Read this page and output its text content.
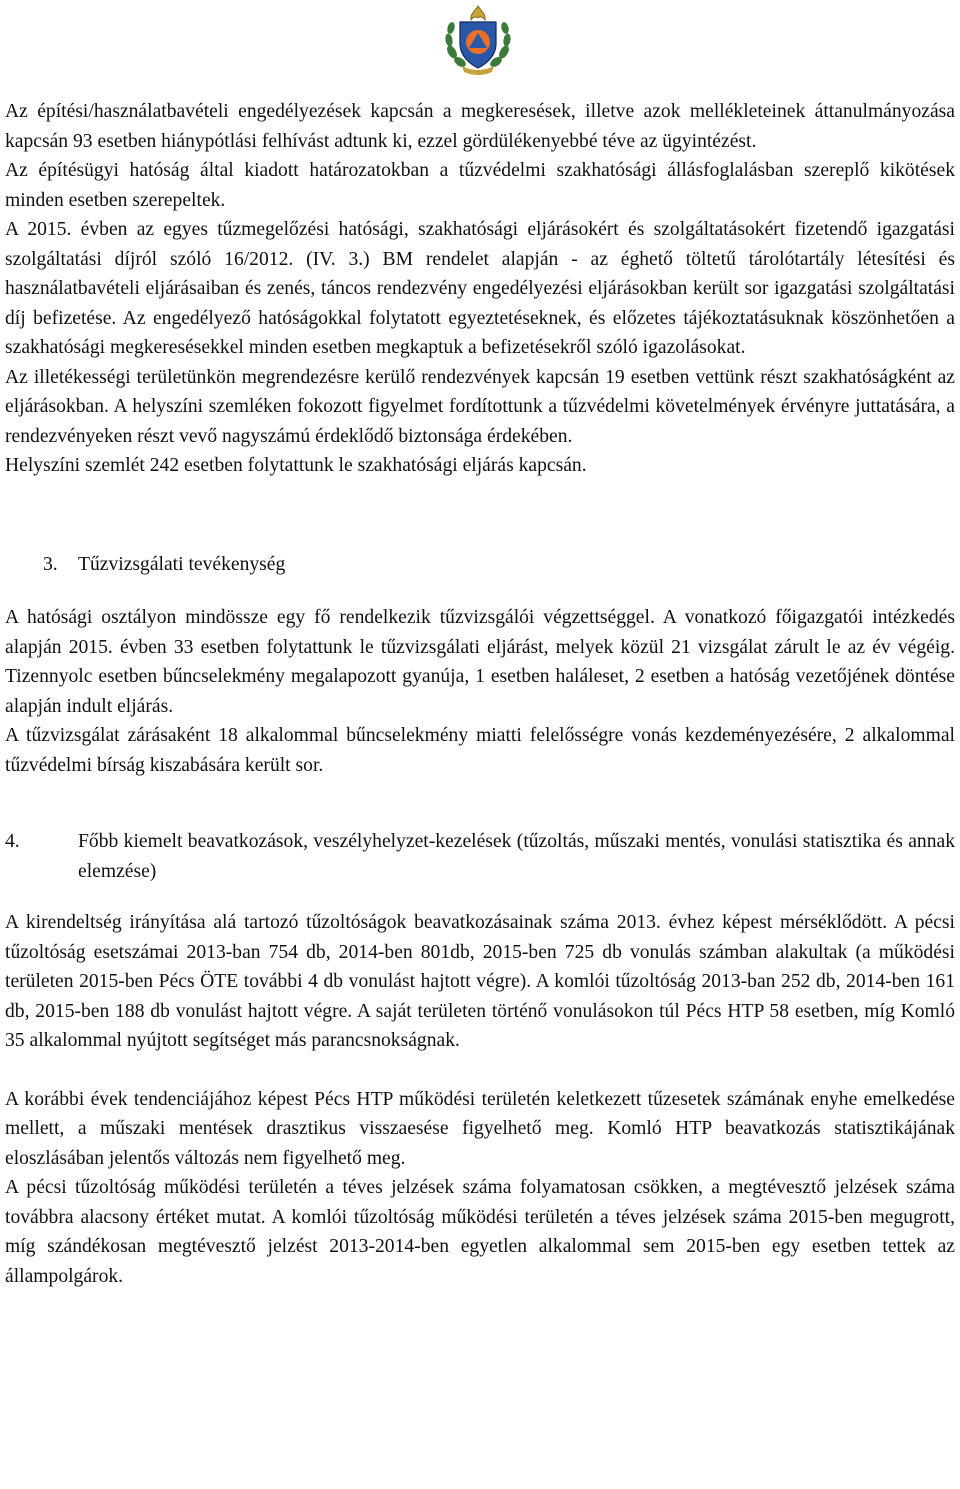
Az építési/használatbavételi engedélyezések kapcsán a megkeresések, illetve azok mellékleteinek áttanulmányozása kapcsán 93 esetben hiánypótlási felhívást adtunk ki, ezzel gördülékenyebbé téve az ügyintézést.

Az építésügyi hatóság által kiadott határozatokban a tűzvédelmi szakhatósági állásfoglalásban szereplő kikötések minden esetben szerepeltek.

A 2015. évben az egyes tűzmegelőzési hatósági, szakhatósági eljárásokért és szolgáltatásokért fizetendő igazgatási szolgáltatási díjról szóló 16/2012. (IV. 3.) BM rendelet alapján - az éghető töltetű tárolótartály létesítési és használatbavételi eljárásaiban és zenés, táncos rendezvény engedélyezési eljárásokban került sor igazgatási szolgáltatási díj befizetése. Az engedélyező hatóságokkal folytatott egyeztetéseknek, és előzetes tájékoztatásuknak köszönhetően a szakhatósági megkeresésekkel minden esetben megkaptuk a befizetésekről szóló igazolásokat.

Az illetékességi területünkön megrendezésre kerülő rendezvények kapcsán 19 esetben vettünk részt szakhatóságként az eljárásokban. A helyszíni szemléken fokozott figyelmet fordítottunk a tűzvédelmi követelmények érvényre juttatására, a rendezvényeken részt vevő nagyszámú érdeklődő biztonsága érdekében.

Helyszíni szemlét 242 esetben folytattunk le szakhatósági eljárás kapcsán.

3.	Tűzvizsgálati tevékenység

A hatósági osztályon mindössze egy fő rendelkezik tűzvizsgálói végzettséggel. A vonatkozó főigazgatói intézkedés alapján 2015. évben 33 esetben folytattunk le tűzvizsgálati eljárást, melyek közül 21 vizsgálat zárult le az év végéig. Tizennyolc esetben bűncselekmény megalapozott gyanúja, 1 esetben haláleset, 2 esetben a hatóság vezetőjének döntése alapján indult eljárás.

A tűzvizsgálat zárásaként 18 alkalommal bűncselekmény miatti felelősségre vonás kezdeményezésére, 2 alkalommal tűzvédelmi bírság kiszabására került sor.

4.	Főbb kiemelt beavatkozások, veszélyhelyzet-kezelések (tűzoltás, műszaki mentés, vonulási statisztika és annak elemzése)

A kirendeltség irányítása alá tartozó tűzoltóságok beavatkozásainak száma 2013. évhez képest mérséklődött. A pécsi tűzoltóság esetszámai 2013-ban 754 db, 2014-ben 801db, 2015-ben 725 db vonulás számban alakultak (a működési területen 2015-ben Pécs ÖTE további 4 db vonulást hajtott végre). A komlói tűzoltóság 2013-ban 252 db, 2014-ben 161 db, 2015-ben 188 db vonulást hajtott végre. A saját területen történő vonulásokon túl Pécs HTP 58 esetben, míg Komló 35 alkalommal nyújtott segítséget más parancsnokságnak.

A korábbi évek tendenciájához képest Pécs HTP működési területén keletkezett tűzesetek számának enyhe emelkedése mellett, a műszaki mentések drasztikus visszaesése figyelhető meg. Komló HTP beavatkozás statisztikájának eloszlásában jelentős változás nem figyelhető meg.

A pécsi tűzoltóság működési területén a téves jelzések száma folyamatosan csökken, a megtévesztő jelzések száma továbbra alacsony értéket mutat. A komlói tűzoltóság működési területén a téves jelzések száma 2015-ben megugrott, míg szándékosan megtévesztő jelzést 2013-2014-ben egyetlen alkalommal sem 2015-ben egy esetben tettek az állampolgárok.
